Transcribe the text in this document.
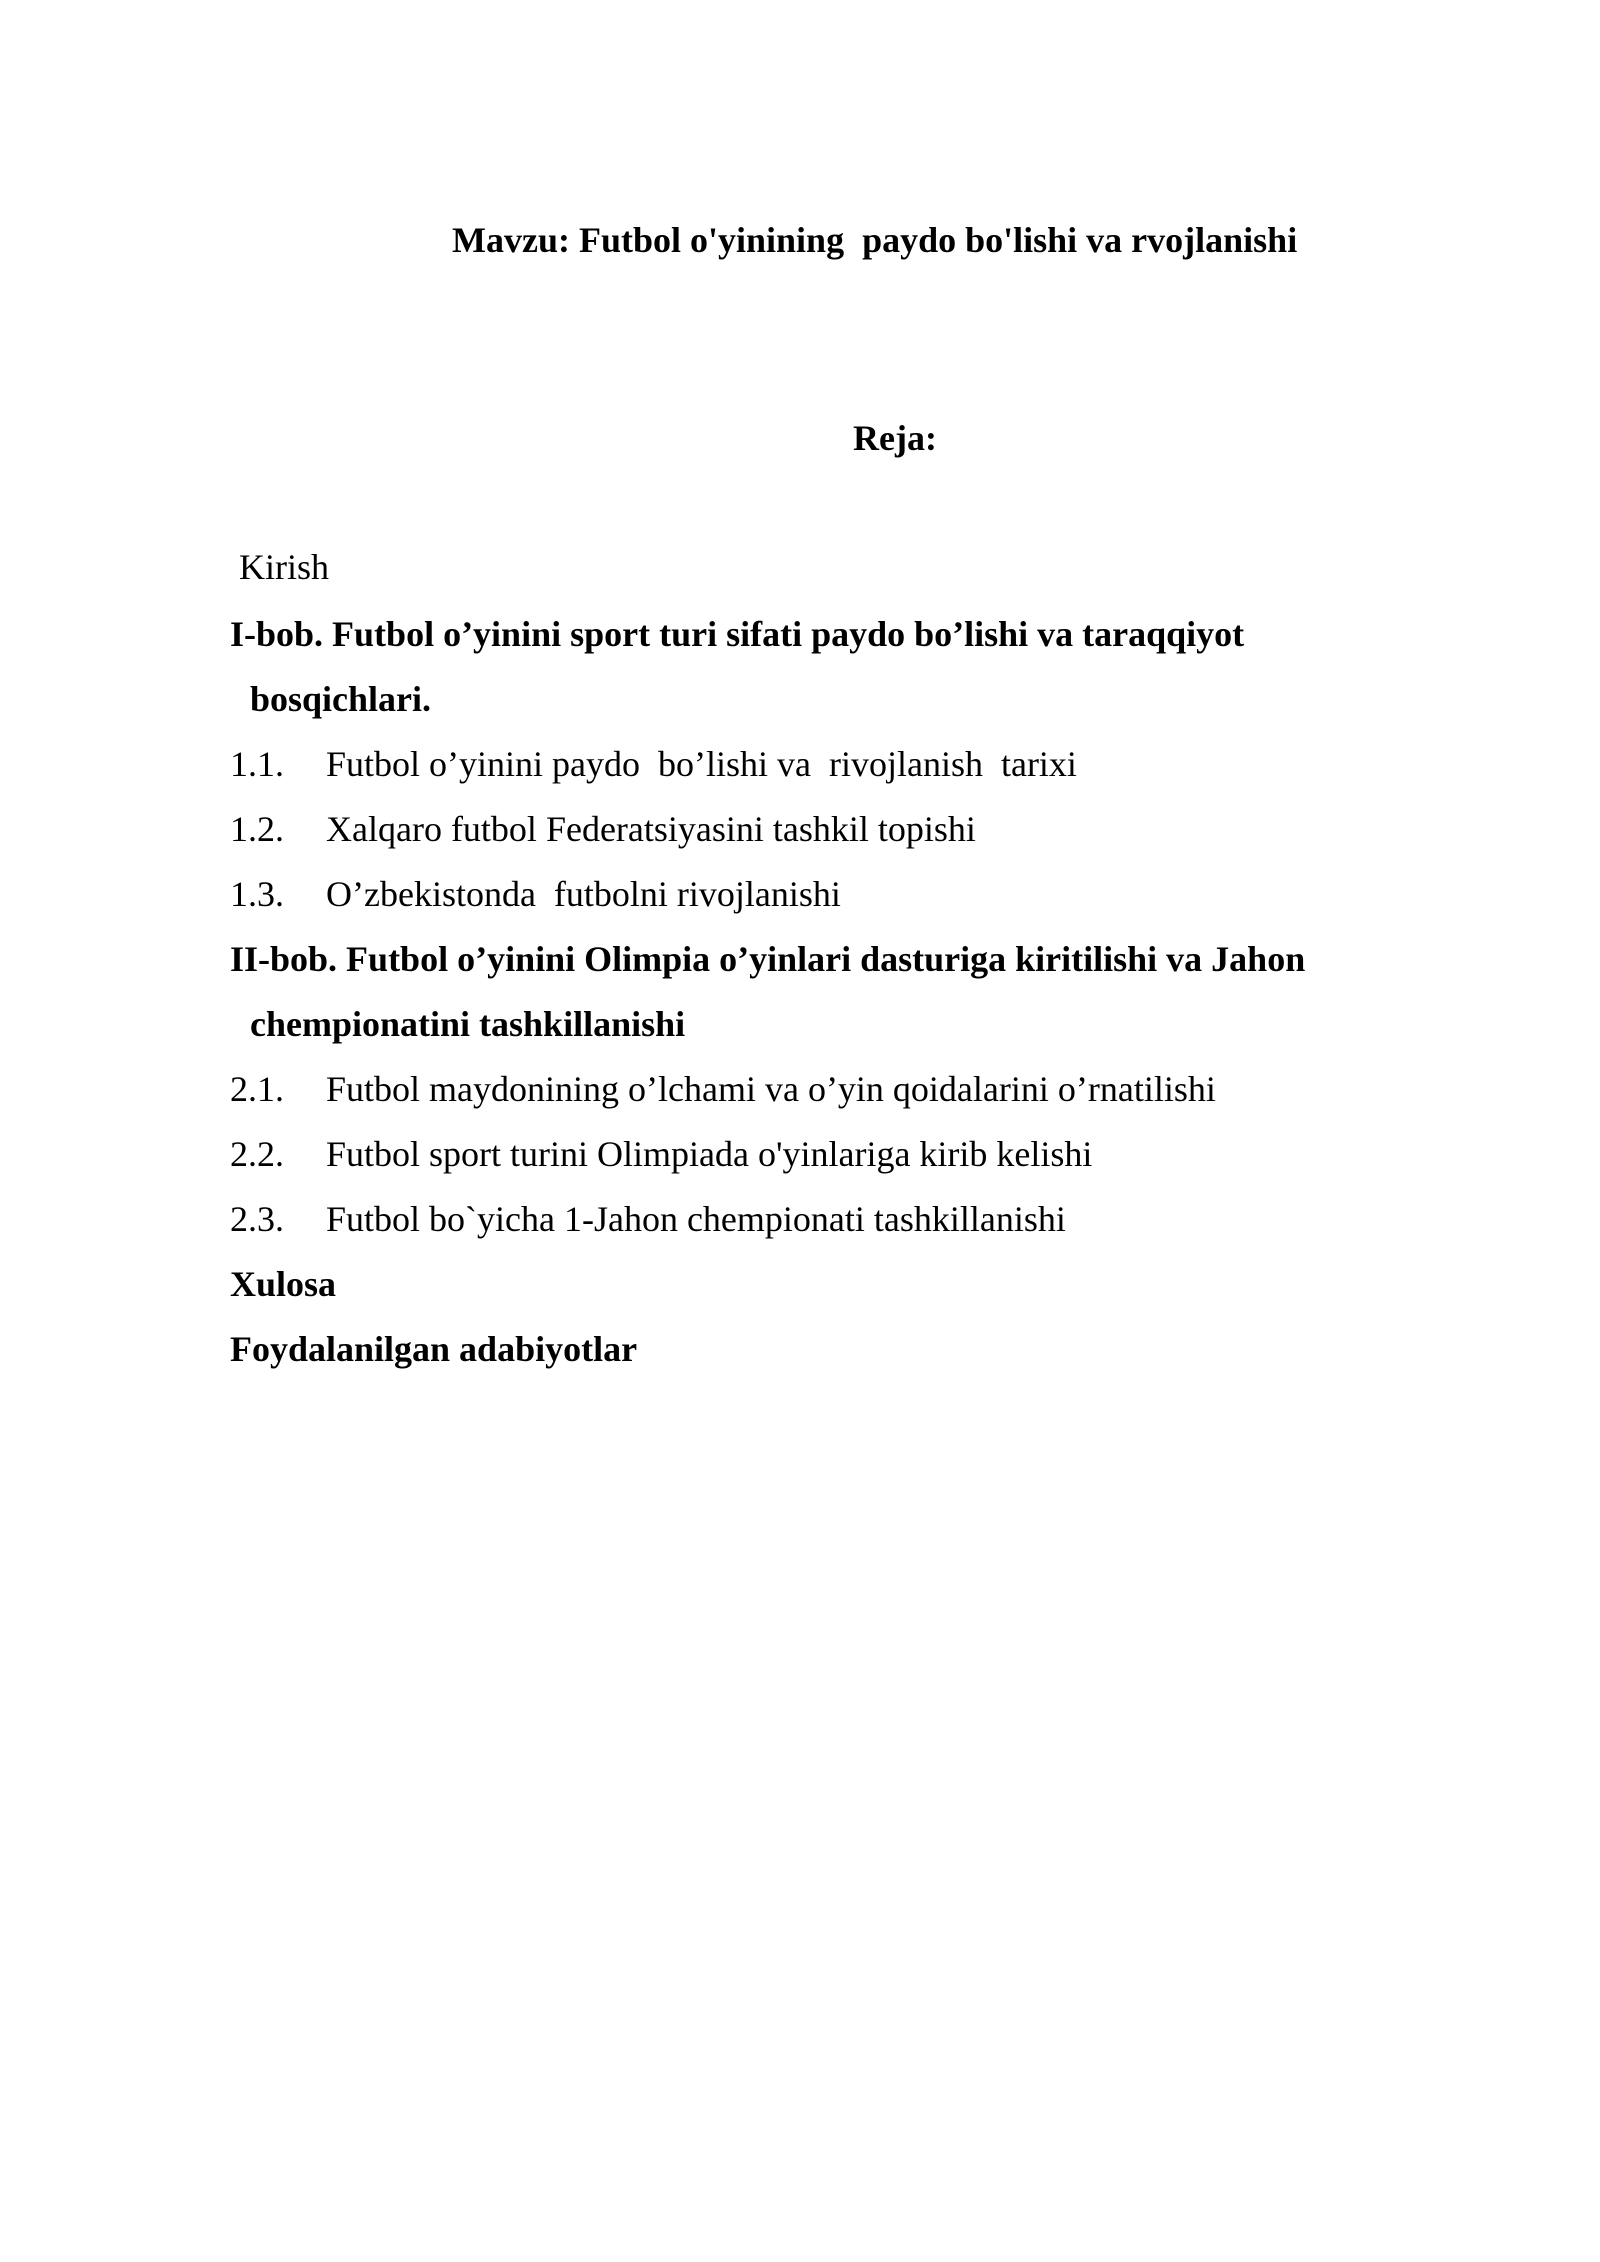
Mavzu: Futbol o'yinining  paydo bo'lishi va rvojlanishi
Reja:
Kirish
I-bob. Futbol o’yinini sport turi sifati paydo bo’lishi va taraqqiyot
bosqichlari.
1.1. Futbol o’yinini paydo  bo’lishi va  rivojlanish  tarixi
1.2. Xalqaro futbol Federatsiyasini tashkil topishi
1.3. O’zbekistonda  futbolni rivojlanishi
II-bob. Futbol o’yinini Olimpia o’yinlari dasturiga kiritilishi va Jahon
chempionatini tashkillanishi
2.1. Futbol maydonining o’lchami va o’yin qoidalarini o’rnatilishi
2.2. Futbol sport turini Olimpiada o'yinlariga kirib kelishi
2.3. Futbol bo`yicha 1-Jahon chempionati tashkillanishi
Xulosa
Foydalanilgan adabiyotlar
